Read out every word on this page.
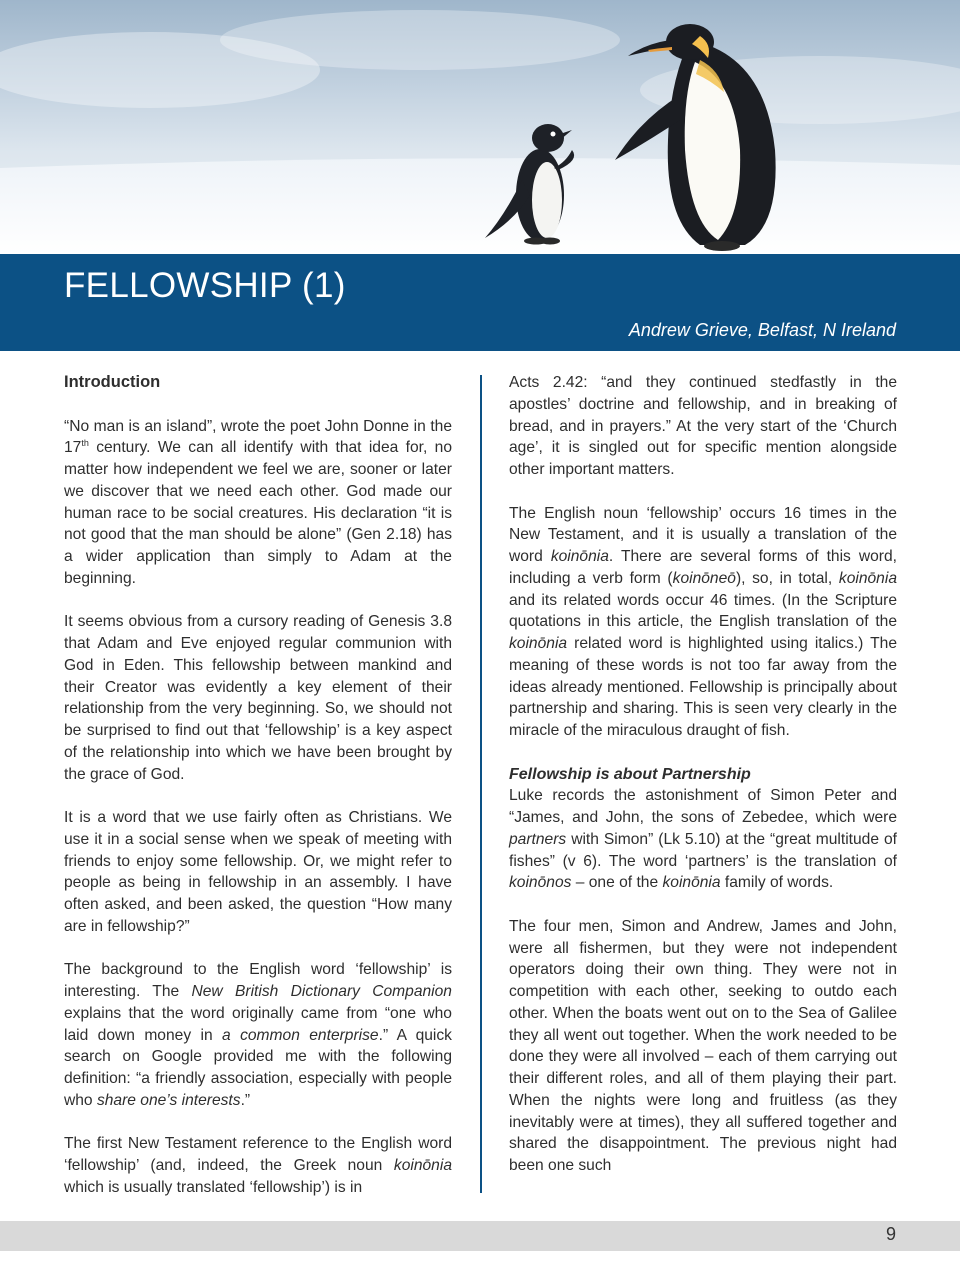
FELLOWSHIP (1)
Andrew Grieve, Belfast, N Ireland
Introduction

“No man is an island”, wrote the poet John Donne in the 17th century. We can all identify with that idea for, no matter how independent we feel we are, sooner or later we discover that we need each other. God made our human race to be social creatures. His declaration “it is not good that the man should be alone” (Gen 2.18) has a wider application than simply to Adam at the beginning.

It seems obvious from a cursory reading of Genesis 3.8 that Adam and Eve enjoyed regular communion with God in Eden. This fellowship between mankind and their Creator was evidently a key element of their relationship from the very beginning. So, we should not be surprised to find out that ‘fellowship’ is a key aspect of the relationship into which we have been brought by the grace of God.

It is a word that we use fairly often as Christians. We use it in a social sense when we speak of meeting with friends to enjoy some fellowship. Or, we might refer to people as being in fellowship in an assembly. I have often asked, and been asked, the question “How many are in fellowship?”

The background to the English word ‘fellowship’ is interesting. The New British Dictionary Companion explains that the word originally came from “one who laid down money in a common enterprise.” A quick search on Google provided me with the following definition: “a friendly association, especially with people who share one’s interests.”

The first New Testament reference to the English word ‘fellowship’ (and, indeed, the Greek noun koinōnia which is usually translated ‘fellowship’) is in

Acts 2.42: “and they continued stedfastly in the apostles’ doctrine and fellowship, and in breaking of bread, and in prayers.” At the very start of the ‘Church age’, it is singled out for specific mention alongside other important matters.

The English noun ‘fellowship’ occurs 16 times in the New Testament, and it is usually a translation of the word koinōnia. There are several forms of this word, including a verb form (koinōneō), so, in total, koinōnia and its related words occur 46 times. (In the Scripture quotations in this article, the English translation of the koinōnia related word is highlighted using italics.) The meaning of these words is not too far away from the ideas already mentioned. Fellowship is principally about partnership and sharing. This is seen very clearly in the miracle of the miraculous draught of fish.

Fellowship is about Partnership

Luke records the astonishment of Simon Peter and “James, and John, the sons of Zebedee, which were partners with Simon” (Lk 5.10) at the “great multitude of fishes” (v 6). The word ‘partners’ is the translation of koinōnos – one of the koinōnia family of words.

The four men, Simon and Andrew, James and John, were all fishermen, but they were not independent operators doing their own thing. They were not in competition with each other, seeking to outdo each other. When the boats went out on to the Sea of Galilee they all went out together. When the work needed to be done they were all involved – each of them carrying out their different roles, and all of them playing their part. When the nights were long and fruitless (as they inevitably were at times), they all suffered together and shared the disappointment. The previous night had been one such

9
